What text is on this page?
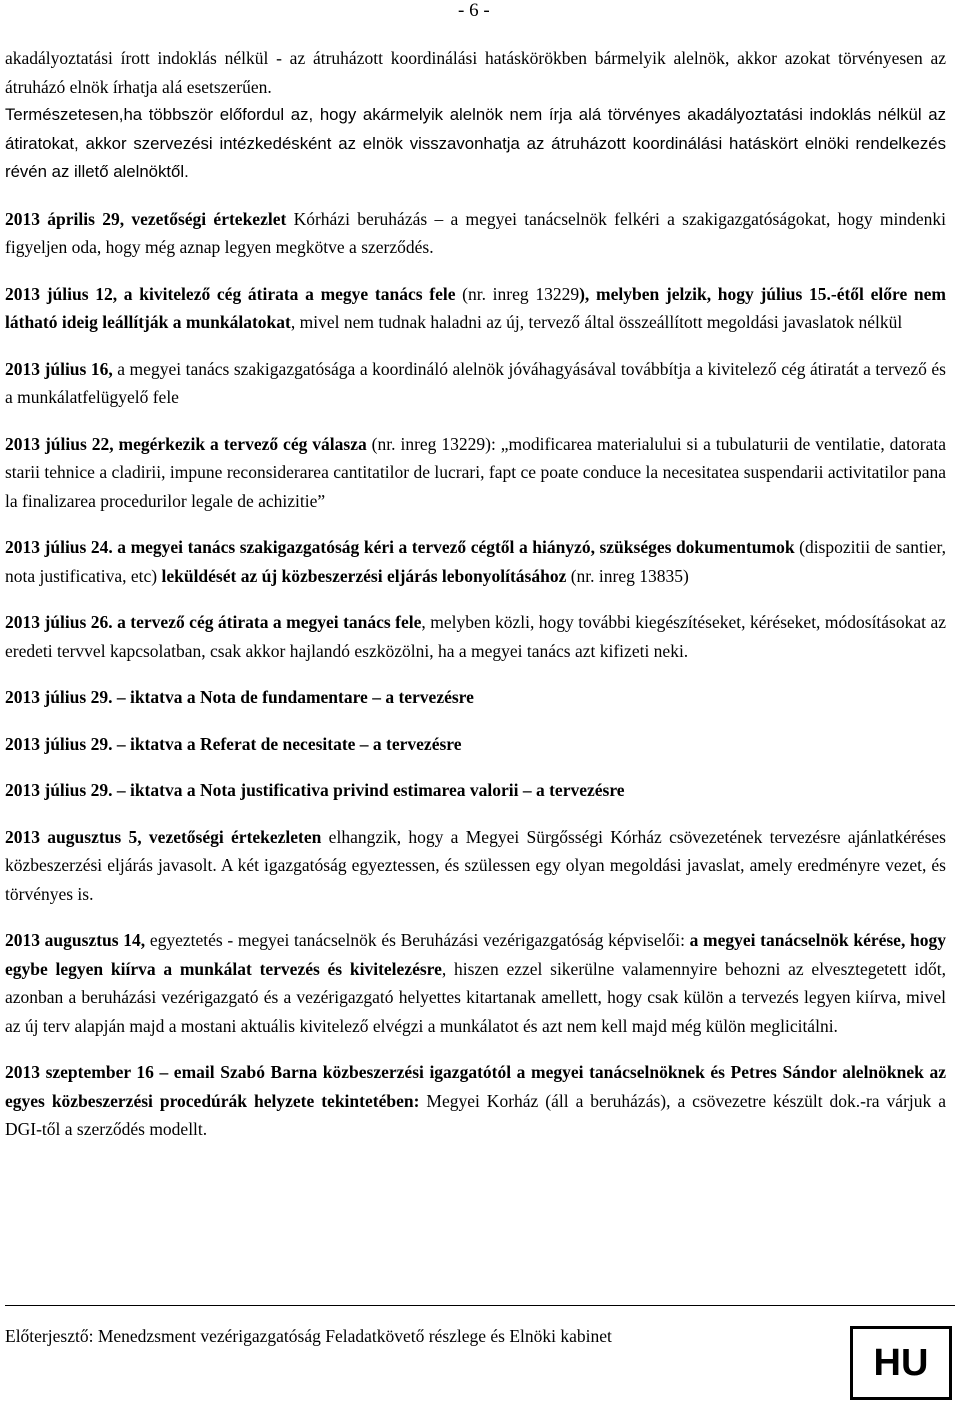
- 6 -

akadályoztatási írott indoklás nélkül - az átruházott koordinálási hatáskörökben bármelyik alelnök, akkor azokat törvényesen az átruházó elnök írhatja alá esetszerűen.

Természetesen,ha többször előfordul az, hogy akármelyik alelnök nem írja alá törvényes akadályoztatási indoklás nélkül az átiratokat, akkor szervezési intézkedésként az elnök visszavonhatja az átruházott koordinálási hatáskört elnöki rendelkezés révén az illető alelnöktől.

2013 április 29, vezetőségi értekezlet Kórházi beruházás – a megyei tanácselnök felkéri a szakigazgatóságokat, hogy mindenki figyeljen oda, hogy még aznap legyen megkötve a szerződés.

2013 július 12, a kivitelező cég átirata a megye tanács fele (nr. inreg 13229), melyben jelzik, hogy július 15.-étől előre nem látható ideig leállítják a munkálatokat, mivel nem tudnak haladni az új, tervező által összeállított megoldási javaslatok nélkül

2013 július 16, a megyei tanács szakigazgatósága a koordináló alelnök jóváhagyásával továbbítja a kivitelező cég átiratát a tervező és a munkálatfelügyelő fele

2013 július 22, megérkezik a tervező cég válasza (nr. inreg 13229): „modificarea materialului si a tubulaturii de ventilatie, datorata starii tehnice a cladirii, impune reconsiderarea cantitatilor de lucrari, fapt ce poate conduce la necesitatea suspendarii activitatilor pana la finalizarea procedurilor legale de achizitie”

2013 július 24. a megyei tanács szakigazgatóság kéri a tervező cégtől a hiányzó, szükséges dokumentumok (dispozitii de santier, nota justificativa, etc) leküldését az új közbeszerzési eljárás lebonyolításához (nr. inreg 13835)

2013 július 26. a tervező cég átirata a megyei tanács fele, melyben közli, hogy további kiegészítéseket, kéréseket, módosításokat az eredeti tervvel kapcsolatban, csak akkor hajlandó eszközölni, ha a megyei tanács azt kifizeti neki.

2013 július 29. – iktatva a Nota de fundamentare – a tervezésre

2013 július 29. – iktatva a Referat de necesitate – a tervezésre

2013 július 29. – iktatva a Nota justificativa privind estimarea valorii – a tervezésre

2013 augusztus 5, vezetőségi értekezleten elhangzik, hogy a Megyei Sürgősségi Kórház csövezetének tervezésre ajánlatkéréses közbeszerzési eljárás javasolt. A két igazgatóság egyeztessen, és szülessen egy olyan megoldási javaslat, amely eredményre vezet, és törvényes is.

2013 augusztus 14, egyeztetés - megyei tanácselnök és Beruházási vezérigazgatóság képviselői: a megyei tanácselnök kérése, hogy egybe legyen kiírva a munkálat tervezés és kivitelezésre, hiszen ezzel sikerülne valamennyire behozni az elvesztegetett időt, azonban a beruházási vezérigazgató és a vezérigazgató helyettes kitartanak amellett, hogy csak külön a tervezés legyen kiírva, mivel az új terv alapján majd a mostani aktuális kivitelező elvégzi a munkálatot és azt nem kell majd még külön meglicitálni.

2013 szeptember 16 – email Szabó Barna közbeszerzési igazgatótól a megyei tanácselnöknek és Petres Sándor alelnöknek az egyes közbeszerzési procedúrák helyzete tekintetében: Megyei Korház (áll a beruházás), a csövezetre készült dok.-ra várjuk a DGI-től a szerződés modellt.

Előterjesztő: Menedzsment vezérigazgatóság Feladatkövető részlege és Elnöki kabinet
HU
